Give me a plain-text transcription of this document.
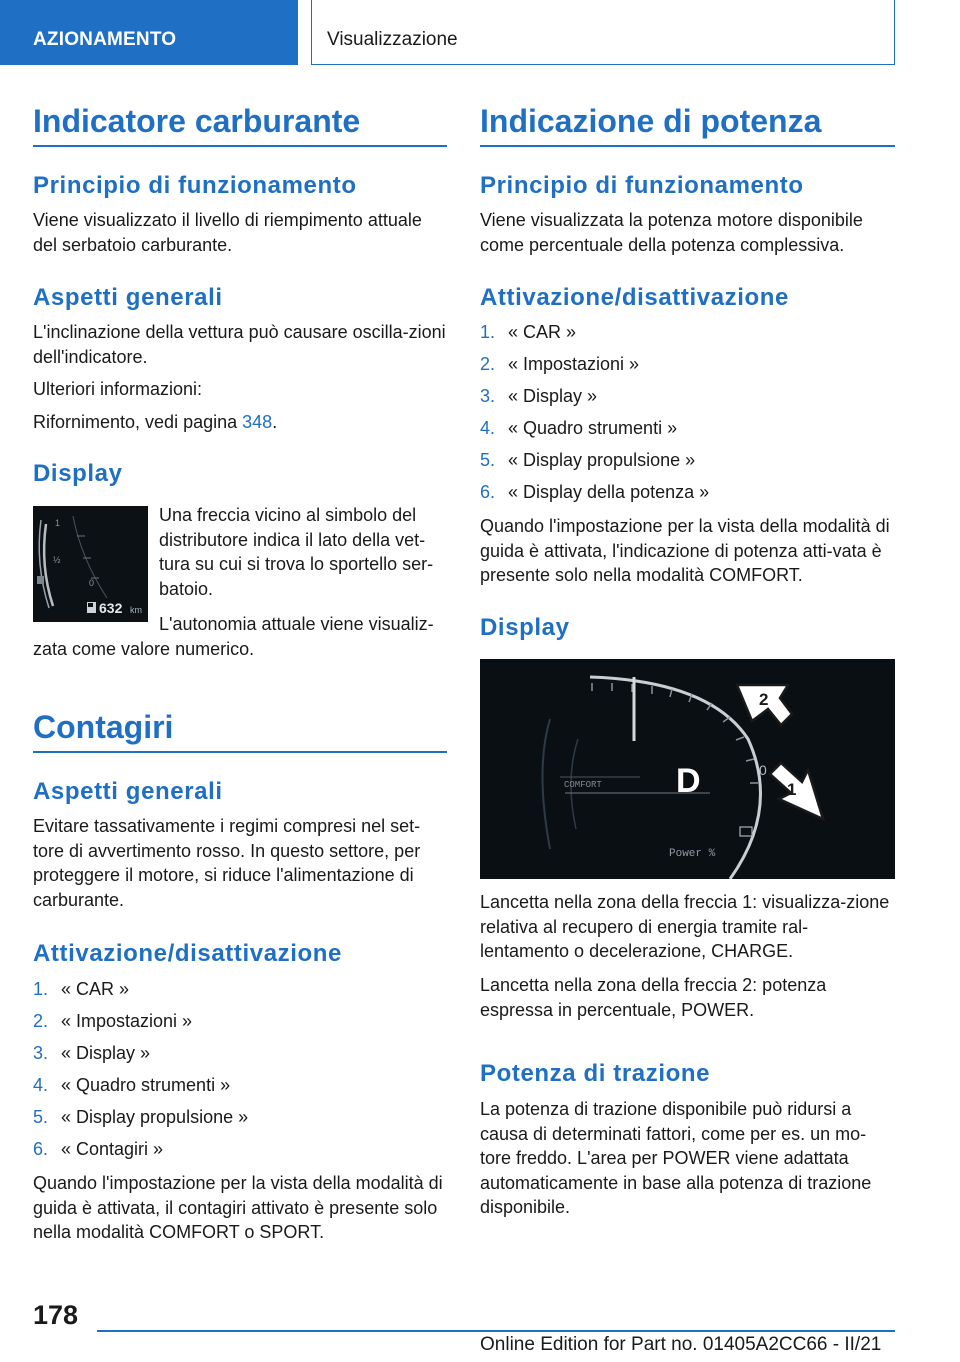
AZIONAMENTO	Visualizzazione
Indicatore carburante
Principio di funzionamento
Viene visualizzato il livello di riempimento attuale del serbatoio carburante.
Aspetti generali
L'inclinazione della vettura può causare oscilla-zioni dell'indicatore.
Ulteriori informazioni:
Rifornimento, vedi pagina 348.
Display
1
½
0
632 km
Una freccia vicino al simbolo del distributore indica il lato della vet-tura su cui si trova lo sportello ser-batoio.
L'autonomia attuale viene visualiz-zata come valore numerico.
Contagiri
Aspetti generali
Evitare tassativamente i regimi compresi nel set-tore di avvertimento rosso. In questo settore, per proteggere il motore, si riduce l'alimentazione di carburante.
Attivazione/disattivazione
1. « CAR »
2. « Impostazioni »
3. « Display »
4. « Quadro strumenti »
5. « Display propulsione »
6. « Contagiri »
Quando l'impostazione per la vista della modalità di guida è attivata, il contagiri attivato è presente solo nella modalità COMFORT o SPORT.
Indicazione di potenza
Principio di funzionamento
Viene visualizzata la potenza motore disponibile come percentuale della potenza complessiva.
Attivazione/disattivazione
1. « CAR »
2. « Impostazioni »
3. « Display »
4. « Quadro strumenti »
5. « Display propulsione »
6. « Display della potenza »
Quando l'impostazione per la vista della modalità di guida è attivata, l'indicazione di potenza atti-vata è presente solo nella modalità COMFORT.
Display
COMFORT D	0
Power %
1
2
Lancetta nella zona della freccia 1: visualizza-zione relativa al recupero di energia tramite ral-lentamento o decelerazione, CHARGE.
Lancetta nella zona della freccia 2: potenza espressa in percentuale, POWER.
Potenza di trazione
La potenza di trazione disponibile può ridursi a causa di determinati fattori, come per es. un mo-tore freddo. L'area per POWER viene adattata automaticamente in base alla potenza di trazione disponibile.
178
Online Edition for Part no. 01405A2CC66 - II/21
